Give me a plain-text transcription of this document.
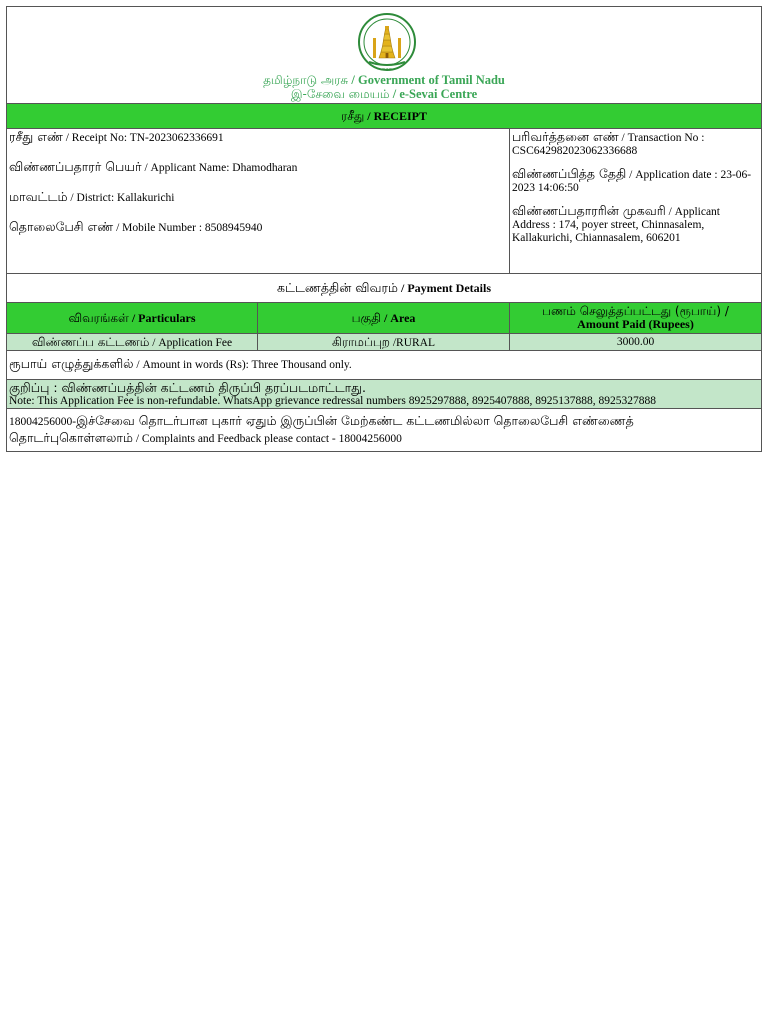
~~~
தமிழ்நாடு அரசு / Government of Tamil Nadu
இ-சேவை மையம் / e-Sevai Centre
ரசீது / RECEIPT
ரசீது எண் / Receipt No: TN-2023062336691
விண்ணப்பதாரர் பெயர் / Applicant Name: Dhamodharan
மாவட்டம் / District: Kallakurichi
தொலைபேசி எண் / Mobile Number : 8508945940
பரிவர்த்தனை எண் / Transaction No : CSC642982023062336688
விண்ணப்பித்த தேதி / Application date : 23-06-2023 14:06:50
விண்ணப்பதாரரின் முகவரி / Applicant Address : 174, poyer street, Chinnasalem, Kallakurichi, Chiannasalem, 606201
கட்டணத்தின் விவரம் / Payment Details
விவரங்கள் / Particulars	பகுதி / Area	பணம் செலுத்தப்பட்டது (ரூபாய்) /
Amount Paid (Rupees)
விண்ணப்ப கட்டணம் / Application Fee	கிராமப்புற /RURAL	3000.00
ரூபாய் எழுத்துக்களில் / Amount in words (Rs): Three Thousand only.
குறிப்பு : விண்ணப்பத்தின் கட்டணம் திருப்பி தரப்படமாட்டாது.
Note: This Application Fee is non-refundable. WhatsApp grievance redressal numbers 8925297888, 8925407888, 8925137888, 8925327888
18004256000-இச்சேவை தொடர்பான புகார் ஏதும் இருப்பின் மேற்கண்ட கட்டணமில்லா தொலைபேசி எண்ணைத் தொடர்புகொள்ளலாம் / Complaints and Feedback please contact - 18004256000
